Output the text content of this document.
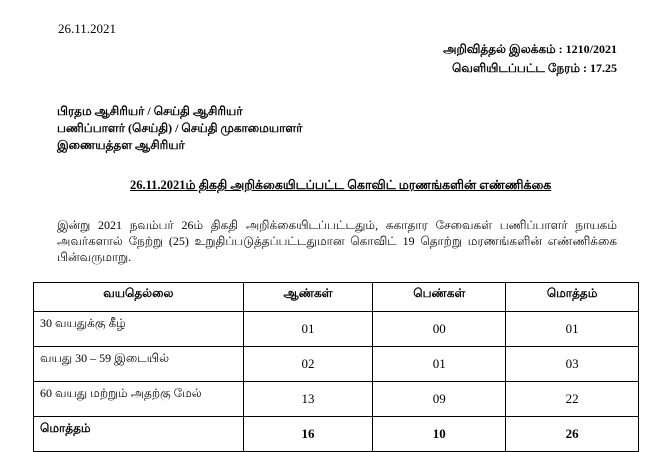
26.11.2021
அறிவித்தல் இலக்கம் : 1210/2021
வெளியிடப்பட்ட நேரம் : 17.25
பிரதம ஆசிரியர் / செய்தி ஆசிரியர்
பணிப்பாளர் (செய்தி) / செய்தி முகாமையாளர்
இணையத்தள ஆசிரியர்
26.11.2021ம் திகதி அறிக்கையிடப்பட்ட கொவிட் மரணங்களின் எண்ணிக்கை
இன்று 2021 நவம்பர் 26ம் திகதி அறிக்கையிடப்பட்டதும், சுகாதார சேவைகள் பணிப்பாளர் நாயகம் அவர்களால் நேற்று (25) உறுதிப்படுத்தப்பட்டதுமான கொவிட் 19 தொற்று மரணங்களின் எண்ணிக்கை பின்வருமாறு.
வயதெல்லை	ஆண்கள்	பெண்கள்	மொத்தம்
30 வயதுக்கு கீழ்	01	00	01
வயது 30 – 59 இடையில்	02	01	03
60 வயது மற்றும் அதற்கு மேல்	13	09	22
மொத்தம்	16	10	26
